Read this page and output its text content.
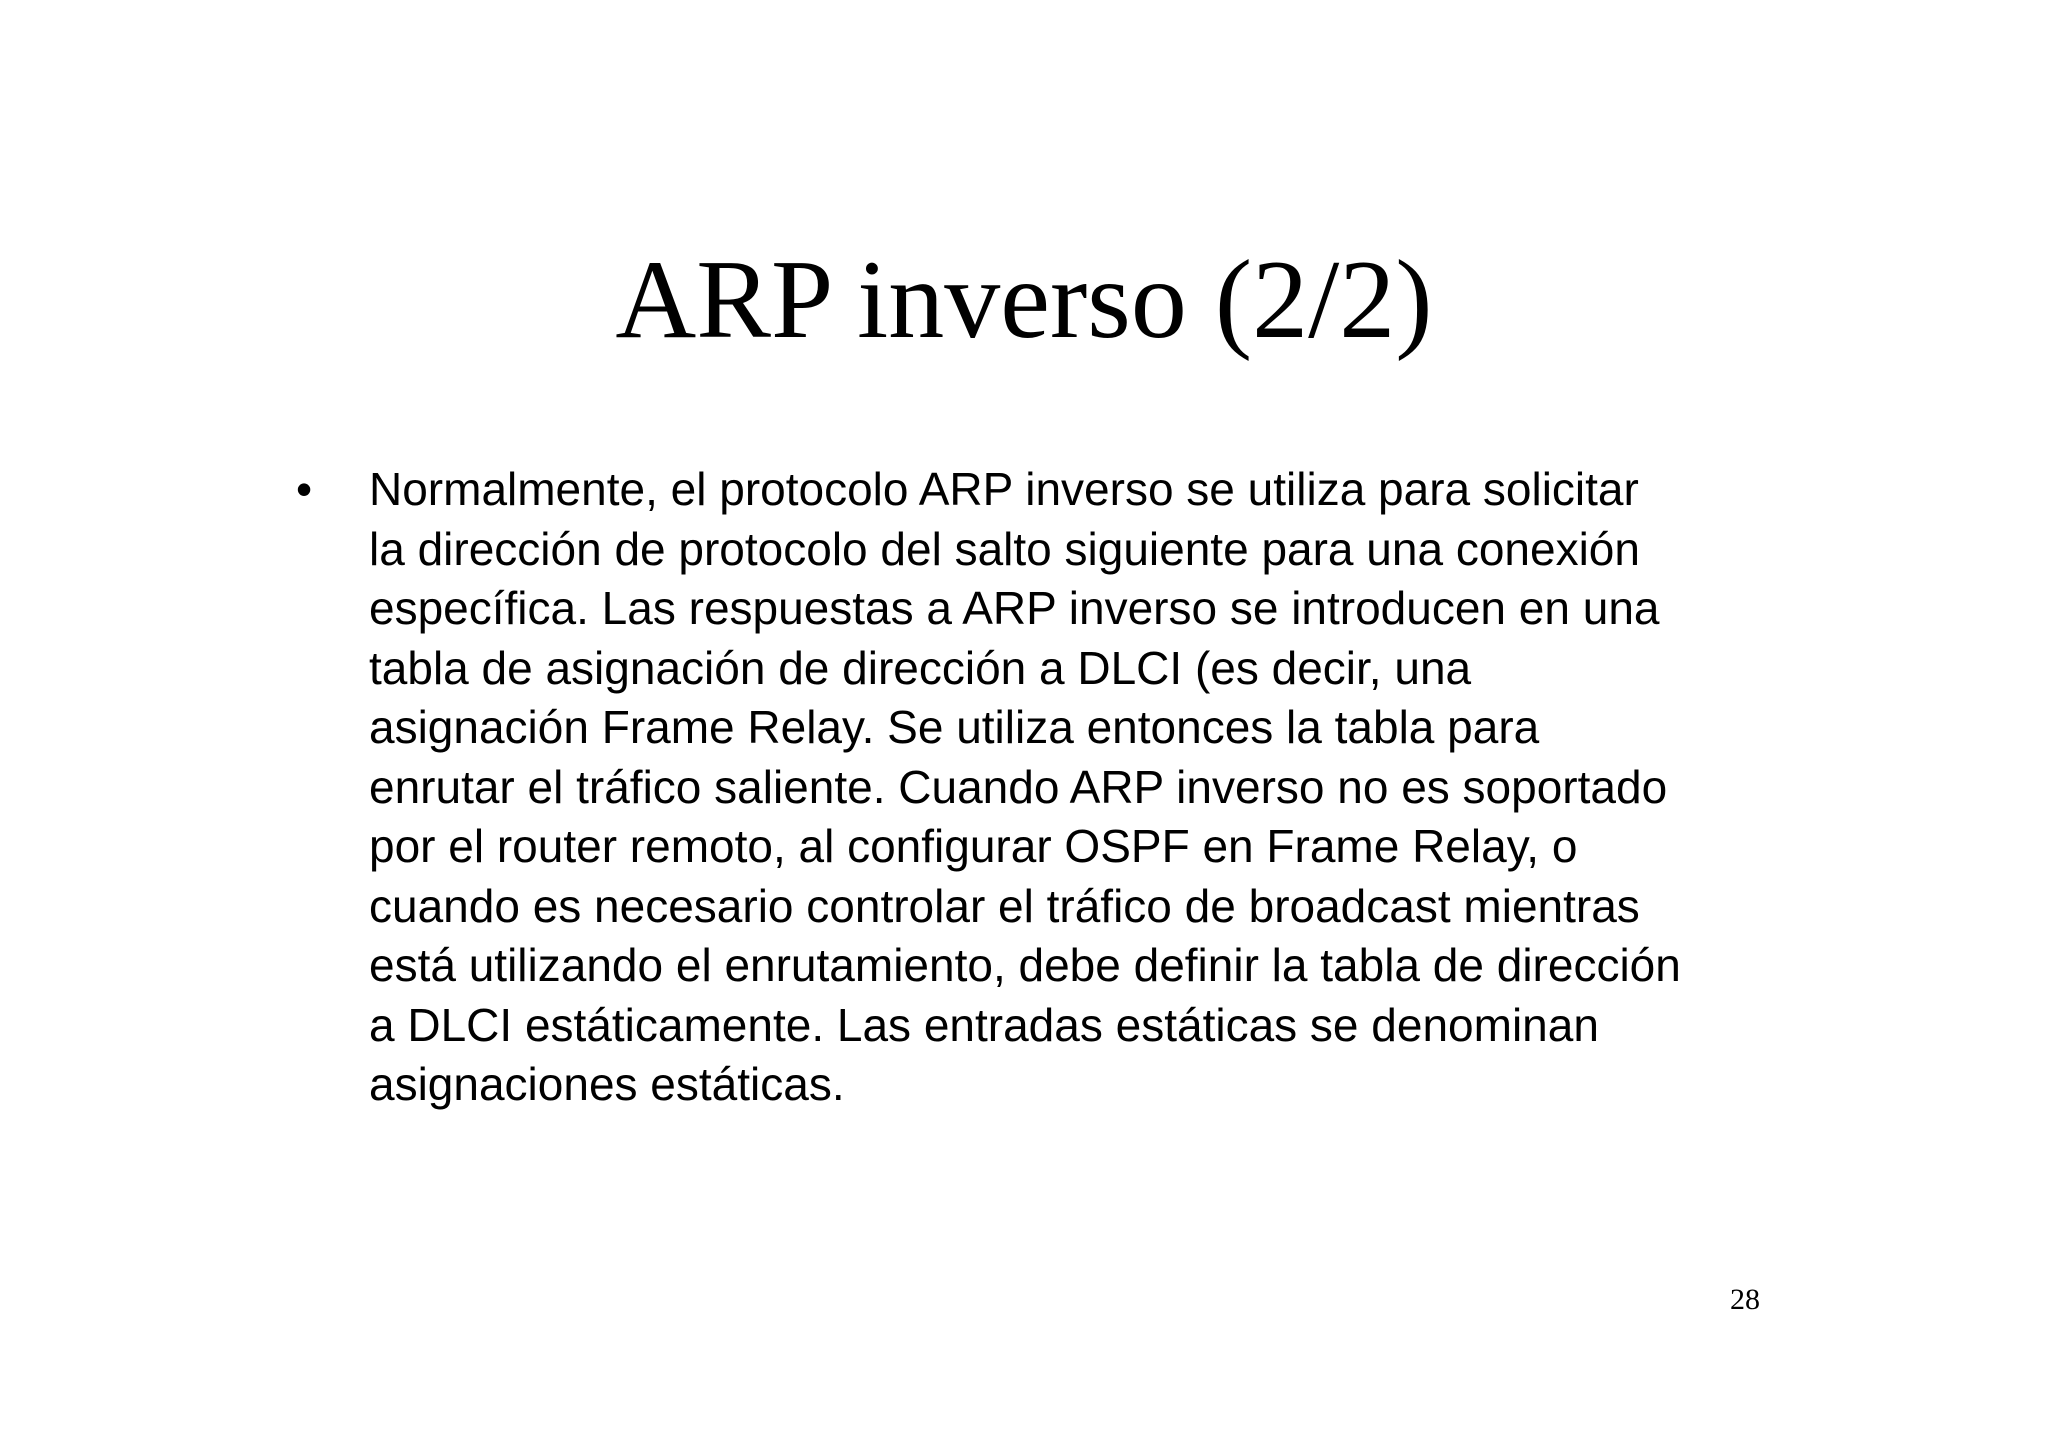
ARP inverso (2/2)
• Normalmente, el protocolo ARP inverso se utiliza para solicitar
la dirección de protocolo del salto siguiente para una conexión
específica. Las respuestas a ARP inverso se introducen en una
tabla de asignación de dirección a DLCI (es decir, una
asignación Frame Relay. Se utiliza entonces la tabla para
enrutar el tráfico saliente. Cuando ARP inverso no es soportado
por el router remoto, al configurar OSPF en Frame Relay, o
cuando es necesario controlar el tráfico de broadcast mientras
está utilizando el enrutamiento, debe definir la tabla de dirección
a DLCI estáticamente. Las entradas estáticas se denominan
asignaciones estáticas.
28
